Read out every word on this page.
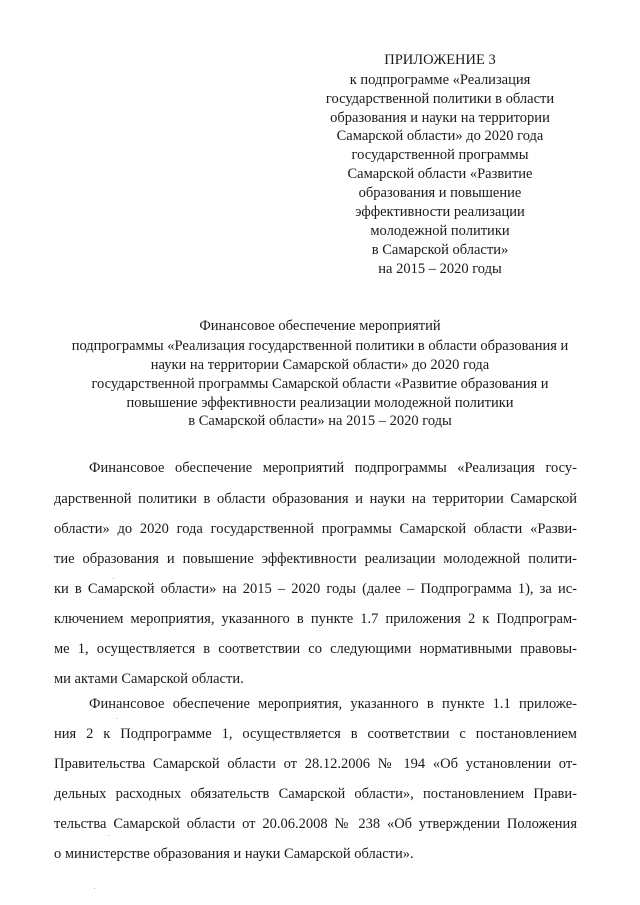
ПРИЛОЖЕНИЕ 3
к подпрограмме «Реализация
государственной политики в области
образования и науки на территории
Самарской области» до 2020 года
государственной программы
Самарской области «Развитие
образования и повышение
эффективности реализации
молодежной политики
в Самарской области»
на 2015 – 2020 годы
Финансовое обеспечение мероприятий
подпрограммы «Реализация государственной политики в области образования и
науки на территории Самарской области» до 2020 года
государственной программы Самарской области «Развитие образования и
повышение эффективности реализации молодежной политики
в Самарской области» на 2015 – 2020 годы
Финансовое обеспечение мероприятий подпрограммы «Реализация госу-
дарственной политики в области образования и науки на территории Самарской
области» до 2020 года государственной программы Самарской области «Разви-
тие образования и повышение эффективности реализации молодежной полити-
ки в Самарской области» на 2015 – 2020 годы (далее – Подпрограмма 1), за ис-
ключением мероприятия, указанного в пункте 1.7 приложения 2 к Подпрограм-
ме 1, осуществляется в соответствии со следующими нормативными правовы-
ми актами Самарской области.
Финансовое обеспечение мероприятия, указанного в пункте 1.1 приложе-
ния 2 к Подпрограмме 1, осуществляется в соответствии с постановлением
Правительства Самарской области от 28.12.2006 № 194 «Об установлении от-
дельных расходных обязательств Самарской области», постановлением Прави-
тельства Самарской области от 20.06.2008 № 238 «Об утверждении Положения
о министерстве образования и науки Самарской области».
